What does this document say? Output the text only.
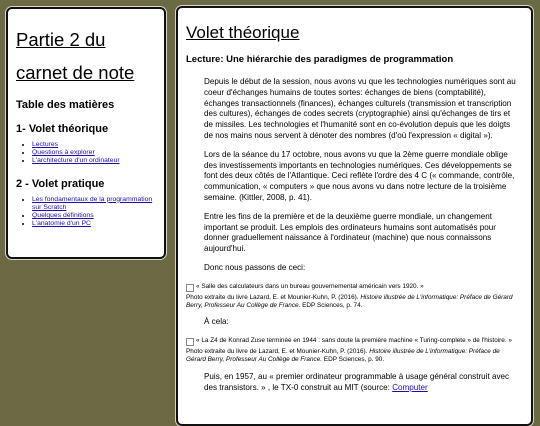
Partie 2 du
carnet de note
Table des matières
1- Volet théorique
• Lectures
• Questions à explorer
• L'architecture d'un ordinateur
2 - Volet pratique
• Les fondamentaux de la programmation sur Scratch
• Quelques définitions
• L'anatomie d'un PC
Volet théorique
Lecture: Une hiérarchie des paradigmes de programmation

Depuis le début de la session, nous avons vu que les technologies numériques sont au coeur d'échanges humains de toutes sortes: échanges de biens (comptabilité), échanges transactionnels (finances), échanges culturels (transmission et transcription des cultures), échanges de codes secrets (cryptographie) ainsi qu'échanges de tirs et de missiles. Les technologies et l'humanité sont en co-évolution depuis que les doigts de nos mains nous servent à dénoter des nombres (d'où l'expression « digital »).

Lors de la séance du 17 octobre, nous avons vu que la 2ème guerre mondiale oblige des investissements importants en technologies numériques. Ces développements se font des deux côtés de l'Atlantique. Ceci reflète l'ordre des 4 C (« commande, contrôle, communication, « computers » que nous avons vu dans notre lecture de la troisième semaine. (Kittler, 2008, p. 41).

Entre les fins de la première et de la deuxième guerre mondiale, un changement important se produit. Les emplois des ordinateurs humains sont automatisés pour donner graduellement naissance à l'ordinateur (machine) que nous connaissons aujourd'hui.

Donc nous passons de ceci:

« Salle des calculateurs dans un bureau gouvernemental américain vers 1920. »
Photo extraite du livre Lazard, E. et Mounier-Kuhn, P. (2016). Histoire illustrée de L'informatique: Préface de Gérard Berry, Professeur Au Collège de France. EDP Sciences, p. 74.

À cela:

« La Z4 de Konrad Zuse terminée en 1944 : sans doute la première machine « Turing-complete » de l'histoire. »
Photo extraite du livre de Lazard, E. et Mounier-Kuhn, P. (2016). Histoire illustrée de L'informatique: Préface de Gérard Berry, Professeur Au Collège de France. EDP Sciences, p. 90.

Puis, en 1957, au « premier ordinateur programmable à usage général construit avec des transistors. » , le TX-0 construit au MIT (source: Computer
